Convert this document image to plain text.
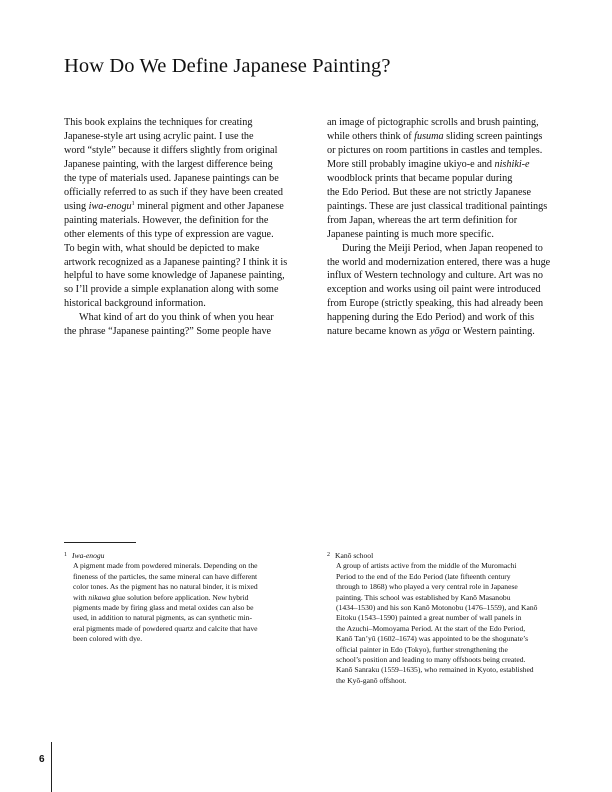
How Do We Define Japanese Painting?

This book explains the techniques for creating
Japanese-style art using acrylic paint. I use the
word “style” because it differs slightly from original
Japanese painting, with the largest difference being
the type of materials used. Japanese paintings can be
officially referred to as such if they have been created
using iwa-enogu$^1$ mineral pigment and other Japanese
painting materials. However, the definition for the
other elements of this type of expression are vague.
To begin with, what should be depicted to make
artwork recognized as a Japanese painting? I think it is
helpful to have some knowledge of Japanese painting,
so I’ll provide a simple explanation along with some
historical background information.

What kind of art do you think of when you hear
the phrase “Japanese painting?” Some people have

an image of pictographic scrolls and brush painting,
while others think of fusuma sliding screen paintings
or pictures on room partitions in castles and temples.
More still probably imagine ukiyo-e and nishiki-e
woodblock prints that became popular during
the Edo Period. But these are not strictly Japanese
paintings. These are just classical traditional paintings
from Japan, whereas the art term definition for
Japanese painting is much more specific.

During the Meiji Period, when Japan reopened to
the world and modernization entered, there was a huge
influx of Western technology and culture. Art was no
exception and works using oil paint were introduced
from Europe (strictly speaking, this had already been
happening during the Edo Period) and work of this
nature became known as yōga or Western painting.

$^1$ Iwa-enogu
A pigment made from powdered minerals. Depending on the
fineness of the particles, the same mineral can have different
color tones. As the pigment has no natural binder, it is mixed
with nikawa glue solution before application. New hybrid
pigments made by firing glass and metal oxides can also be
used, in addition to natural pigments, as can synthetic min-
eral pigments made of powdered quartz and calcite that have
been colored with dye.
$^2$ Kanō school
A group of artists active from the middle of the Muromachi
Period to the end of the Edo Period (late fifteenth century
through to 1868) who played a very central role in Japanese
painting. This school was established by Kanō Masanobu
(1434–1530) and his son Kanō Motonobu (1476–1559), and Kanō
Eitoku (1543–1590) painted a great number of wall panels in
the Azuchi–Momoyama Period. At the start of the Edo Period,
Kanō Tan’yū (1602–1674) was appointed to be the shogunate’s
official painter in Edo (Tokyo), further strengthening the
school’s position and leading to many offshoots being created.
Kanō Sanraku (1559–1635), who remained in Kyoto, established
the Kyō-ganō offshoot.
6
